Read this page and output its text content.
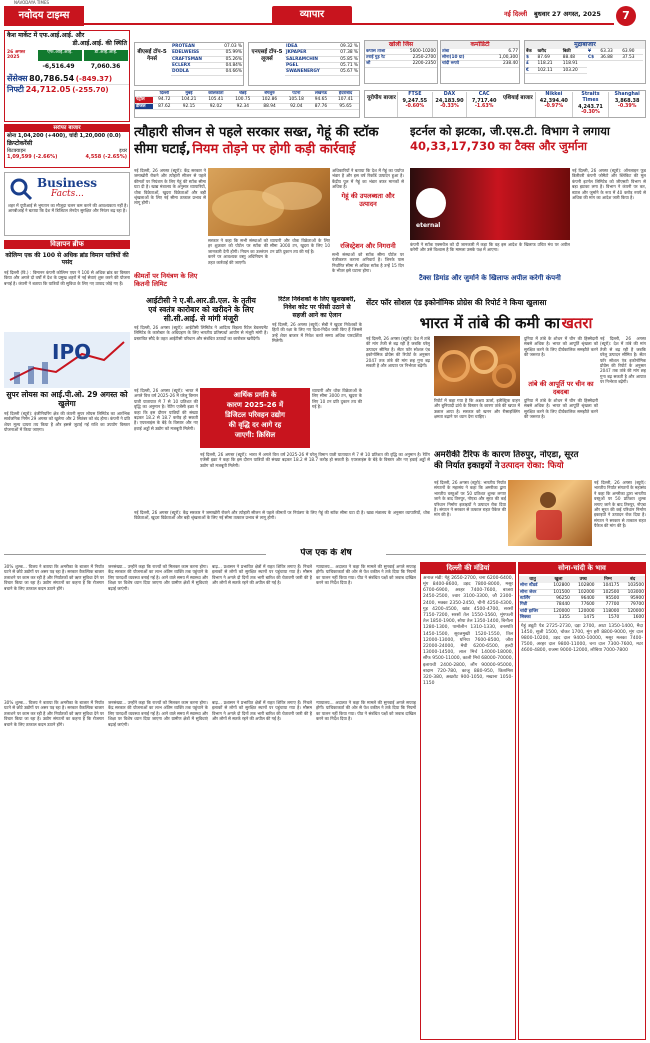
NAVODAYA TIMES
नवोदय टाइम्स	व्यापार	नई दिल्ली बुधवार 27 अगस्त, 2025	7
कैश मार्केट में एफ.आई.आई. और
डी.आई.आई. की स्थिति
26 अगस्त 2025
एफ.आई.आई.	डी.आई.आई.
-6,516.49	7,060.36
सेंसेक्स 80,786.54 (-849.37)
निफ्टी 24,712.05 (-255.70)
बीएसई टॉप-5 गेनर्स
PROTEAN	07.03 %
EDELWEISS	05.99%
CRAFTSMAN	05.26%
ECLERX	04.84%
DODLA	04.66%
एनएसई टॉप-5 लूजर्स
IDEA	09.32 %
JKPAPER	07.38 %
SALRAMCHIN	05.85 %
PGEL	05.71 %
SWANENERGY	05.67 %
खोली जिंस
कपास ताजा	5600-10200
तराई गुड़ रेट	2350-2700
जौ	2200-2350
कमोडिटी
तांबा	6.77
सोना(10 ग्रा)	1,00,300
चांदी रूपये	238.40
मुद्राबाजार
बैंक	खरीद	बिक्री
$	87.69	88.48
£	118.21	118.91
€	102.11	103.20
¥	63.33	63.90
C$	36.88	37.53
	दिल्ली	मुंबई	कोलकाता	चेन्नई	बेंगलुरु	पटना	लखनऊ	हैदराबाद
पेट्रोल	94.72	104.21	105.41	100.75	102.86	105.18	94.65	107.41
डीजल	87.62	92.15	92.02	92.34	88.94	92.04	87.76	95.65
यूरोपीय बाजार
FTSE
9,247.55
-0.60%
DAX
24,183.90
-0.33%
CAC
7,717.40
-1.63%
एशियाई बाजार
Nikkei
42,394.40
-0.97%
Straits Times
4,243.71
-0.30%
Shanghai
3,868.38
-0.39%
सर्राफा बाजार
सोना 1,04,200 (+400), चांदी 1,20,000 (0.0)
क्रिप्टोकरेंसी
बिटक्वाइन	इथर
1,09,599 (-2.66%)	4,558 (-2.65%)
Business
Facts...
शहर में यूपीआई से भुगतान का मौजूदा चलन कम करने की आवश्यकता नहीं है। आरबीआई ने बताया कि देश में डिजिटल लेनदेन सुरक्षित और निरंतर बढ़ रहा है।
विज्ञापन ब्रीफ
कोलिग्न एक की 100 से अधिक ब्रांड विमान यात्रियों की पसंद
नई दिल्ली (वि.) : विमानन कंपनी कोलिग्न एयर ने 100 से अधिक ब्रांड का विस्तार किया और अगले दो वर्षों में देश के प्रमुख शहरों में नई सेवाएं शुरू करने की योजना बनाई है। कंपनी ने बताया कि यात्रियों की सुविधा के लिए नए उत्पाद जोड़े गए हैं।
IPO
सुपर लोयस का आई.पी.ओ. 29 अगस्त को खुलेगा
नई दिल्ली (ब्यूरो): इंजीनियरिंग क्षेत्र की कंपनी सुपर लोयस लिमिटेड का आरंभिक सार्वजनिक निर्गम 29 अगस्त को खुलेगा और 2 सितंबर को बंद होगा। कंपनी ने प्रति शेयर मूल्य दायरा तय किया है और इससे जुटाई गई राशि का उपयोग विस्तार योजनाओं में किया जाएगा।
त्यौहारी सीजन से पहले सरकार सख्त, गेहूं की स्टॉक सीमा घटाई, नियम तोड़ने पर होगी कड़ी कार्रवाई
नई दिल्ली, 26 अगस्त (ब्यूरो): केंद्र सरकार ने जमाखोरी रोकने और त्योहारी सीजन से पहले कीमतों पर नियंत्रण के लिए गेहूं की स्टॉक सीमा घटा दी है। खाद्य मंत्रालय के अनुसार व्यापारियों, थोक विक्रेताओं, खुदरा विक्रेताओं और बड़ी श्रृंखलाओं के लिए नई सीमा तत्काल प्रभाव से लागू होगी।
सरकार ने कहा कि सभी संस्थाओं को हर शुक्रवार को पोर्टल पर स्टॉक की जानकारी देनी होगी। नियम का उल्लंघन करने पर आवश्यक वस्तु अधिनियम के तहत कार्रवाई की जाएगी।
व्यापारी और थोक विक्रेताओं के लिए सीमा 3000 टन, खुदरा के लिए 10 टन प्रति दुकान तय की गई है।
कीमतों पर नियंत्रण के लिए कितनी लिमिट
अधिकारियों ने बताया कि देश में गेहूं का पर्याप्त भंडार है और इस वर्ष रिकॉर्ड उत्पादन हुआ है। केंद्रीय पूल में गेहूं का भंडार बफर मानकों से अधिक है।
गेहूं की उपलब्धता और उत्पादन
रजिस्ट्रेशन और निगरानी
सभी संस्थाओं को स्टॉक सीमा पोर्टल पर पंजीकरण कराना अनिवार्य है। जिनके पास निर्धारित सीमा से अधिक स्टॉक है उन्हें 15 दिन के भीतर इसे घटाना होगा।
इटर्नल को झटका, जी.एस.टी. विभाग ने लगाया 40,33,17,730 का टैक्स और जुर्माना
eternal
नई दिल्ली, 26 अगस्त (ब्यूरो): ऑनलाइन फूड डिलीवरी कंपनी जोमैटो और ब्लिंकिट की मूल कंपनी इटर्नल लिमिटेड को जीएसटी विभाग से बड़ा झटका लगा है। विभाग ने कंपनी पर कर, ब्याज और जुर्माने के रूप में 40 करोड़ रुपये से अधिक की मांग का आदेश जारी किया है।
कंपनी ने स्टॉक एक्सचेंज को दी जानकारी में कहा कि वह इस आदेश के खिलाफ उचित मंच पर अपील करेगी और उसे विश्वास है कि मामला उसके पक्ष में आएगा।
टैक्स डिमांड और जुर्माने के खिलाफ अपील करेगी कंपनी
आईटीसी ने ए.बी.आर.डी.एल. के तृतीय
एवं स्वतंत्र कारोबार को खरीदने के लिए
सी.सी.आई. से मांगी मंजूरी
नई दिल्ली, 26 अगस्त (ब्यूरो): आईटीसी लिमिटेड ने आदित्य बिड़ला रिटेल डेवलपमेंट लिमिटेड के कारोबार के अधिग्रहण के लिए भारतीय प्रतिस्पर्धा आयोग से मंजूरी मांगी है। प्रस्तावित सौदे के तहत आईटीसी परिधान और संबंधित उत्पादों का कारोबार खरीदेगी।
रिटेल निवेशकों के लिए खुशखबरी,
निवेश कोट पर फीसी उठाने से
सहजी आने का ऐलान
नई दिल्ली, 26 अगस्त (ब्यूरो): सेबी ने खुदरा निवेशकों के हितों की रक्षा के लिए नए दिशा-निर्देश जारी किए हैं जिससे उन्हें शेयर बाजार में निवेश करते समय अधिक पारदर्शिता मिलेगी।
आर्थिक प्रगति के
कारण 2025-26 में
डिजिटल परिवहन उद्योग
की वृद्धि दर आगे रह
जाएगी: क्रिसिल
नई दिल्ली, 26 अगस्त (ब्यूरो): भारत में अगले वित्त वर्ष 2025-26 में घरेलू विमान यात्री यातायात में 7 से 10 प्रतिशत की वृद्धि का अनुमान है। रेटिंग एजेंसी इक्रा ने कहा कि इस दौरान यात्रियों की संख्या बढ़कर 18.2 से 18.7 करोड़ हो सकती है। एयरलाइंस के बेड़े के विस्तार और नए हवाई अड्डों से उद्योग को मजबूती मिलेगी।
व्यापारी और थोक विक्रेताओं के लिए सीमा 3000 टन, खुदरा के लिए 10 टन प्रति दुकान तय की गई है।
सेंटर फॉर सोशल एंड इकोनॉमिक प्रोग्रेस की रिपोर्ट ने किया खुलासा
भारत में तांबे की कमी का खतरा
नई दिल्ली, 26 अगस्त (ब्यूरो): देश में तांबे की मांग तेजी से बढ़ रही है जबकि घरेलू उत्पादन सीमित है। सेंटर फॉर सोशल एंड इकोनॉमिक प्रोग्रेस की रिपोर्ट के अनुसार 2047 तक तांबे की मांग छह गुना बढ़ सकती है और आयात पर निर्भरता बढ़ेगी।
रिपोर्ट में कहा गया है कि अक्षय ऊर्जा, इलेक्ट्रिक वाहन और बुनियादी ढांचे के विस्तार के कारण तांबे की खपत में उछाल आया है। सरकार को खनन और रीसाइक्लिंग क्षमता बढ़ाने पर ध्यान देना चाहिए।
तांबे की आपूर्ति पर चीन का दबदबा
दुनिया में तांबे के शोधन में चीन की हिस्सेदारी सबसे अधिक है। भारत को आपूर्ति श्रृंखला को सुरक्षित करने के लिए दीर्घकालिक समझौते करने की जरूरत है।
नई दिल्ली, 26 अगस्त (ब्यूरो): देश में तांबे की मांग तेजी से बढ़ रही है जबकि घरेलू उत्पादन सीमित है। सेंटर फॉर सोशल एंड इकोनॉमिक प्रोग्रेस की रिपोर्ट के अनुसार 2047 तक तांबे की मांग छह गुना बढ़ सकती है और आयात पर निर्भरता बढ़ेगी।
दुनिया में तांबे के शोधन में चीन की हिस्सेदारी सबसे अधिक है। भारत को आपूर्ति श्रृंखला को सुरक्षित करने के लिए दीर्घकालिक समझौते करने की जरूरत है।
अमरीकी टैरिफ के कारण तिरुपुर, नोएडा, सूरत
की निर्यात इकाइयों ने उत्पादन रोका: फियो
नई दिल्ली, 26 अगस्त (ब्यूरो): भारतीय निर्यात संगठनों के महासंघ ने कहा कि अमरीका द्वारा भारतीय वस्तुओं पर 50 प्रतिशत शुल्क लगाए जाने के बाद तिरुपुर, नोएडा और सूरत की कई परिधान निर्माण इकाइयों ने उत्पादन रोक दिया है। संगठन ने सरकार से तत्काल राहत पैकेज की मांग की है।
नई दिल्ली, 26 अगस्त (ब्यूरो): भारतीय निर्यात संगठनों के महासंघ ने कहा कि अमरीका द्वारा भारतीय वस्तुओं पर 50 प्रतिशत शुल्क लगाए जाने के बाद तिरुपुर, नोएडा और सूरत की कई परिधान निर्माण इकाइयों ने उत्पादन रोक दिया है। संगठन ने सरकार से तत्काल राहत पैकेज की मांग की है।
नई दिल्ली, 26 अगस्त (ब्यूरो): भारत में अगले वित्त वर्ष 2025-26 में घरेलू विमान यात्री यातायात में 7 से 10 प्रतिशत की वृद्धि का अनुमान है। रेटिंग एजेंसी इक्रा ने कहा कि इस दौरान यात्रियों की संख्या बढ़कर 18.2 से 18.7 करोड़ हो सकती है। एयरलाइंस के बेड़े के विस्तार और नए हवाई अड्डों से उद्योग को मजबूती मिलेगी।
नई दिल्ली, 26 अगस्त (ब्यूरो): केंद्र सरकार ने जमाखोरी रोकने और त्योहारी सीजन से पहले कीमतों पर नियंत्रण के लिए गेहूं की स्टॉक सीमा घटा दी है। खाद्य मंत्रालय के अनुसार व्यापारियों, थोक विक्रेताओं, खुदरा विक्रेताओं और बड़ी श्रृंखलाओं के लिए नई सीमा तत्काल प्रभाव से लागू होगी।
पेज एक के शेष
30% शुल्क... विजय ने बताया कि अमरीका के बाजार में निर्यात घटने से छोटे उद्योगों पर असर पड़ रहा है। सरकार वैकल्पिक बाजार तलाशने पर काम कर रही है और निर्यातकों को ऋण सुविधा देने पर विचार किया जा रहा है। उद्योग संगठनों का कहना है कि रोजगार बचाने के लिए तत्काल कदम उठाने होंगे।
30% शुल्क... विजय ने बताया कि अमरीका के बाजार में निर्यात घटने से छोटे उद्योगों पर असर पड़ रहा है। सरकार वैकल्पिक बाजार तलाशने पर काम कर रही है और निर्यातकों को ऋण सुविधा देने पर विचार किया जा रहा है। उद्योग संगठनों का कहना है कि रोजगार बचाने के लिए तत्काल कदम उठाने होंगे।
जनसंख्या... उन्होंने कहा कि राज्यों को मिलकर काम करना होगा। केंद्र सरकार की योजनाओं का लाभ अंतिम व्यक्ति तक पहुंचाने के लिए पारदर्शी व्यवस्था बनाई गई है। आने वाले समय में स्वास्थ्य और शिक्षा पर विशेष ध्यान दिया जाएगा और ग्रामीण क्षेत्रों में सुविधाएं बढ़ाई जाएंगी।
जनसंख्या... उन्होंने कहा कि राज्यों को मिलकर काम करना होगा। केंद्र सरकार की योजनाओं का लाभ अंतिम व्यक्ति तक पहुंचाने के लिए पारदर्शी व्यवस्था बनाई गई है। आने वाले समय में स्वास्थ्य और शिक्षा पर विशेष ध्यान दिया जाएगा और ग्रामीण क्षेत्रों में सुविधाएं बढ़ाई जाएंगी।
बाढ़... प्रशासन ने प्रभावित क्षेत्रों में राहत शिविर लगाए हैं। निचले इलाकों से लोगों को सुरक्षित स्थानों पर पहुंचाया गया है। मौसम विभाग ने अगले दो दिनों तक भारी बारिश की चेतावनी जारी की है और लोगों से सतर्क रहने की अपील की गई है।
बाढ़... प्रशासन ने प्रभावित क्षेत्रों में राहत शिविर लगाए हैं। निचले इलाकों से लोगों को सुरक्षित स्थानों पर पहुंचाया गया है। मौसम विभाग ने अगले दो दिनों तक भारी बारिश की चेतावनी जारी की है और लोगों से सतर्क रहने की अपील की गई है।
न्यायालय... अदालत ने कहा कि मामले की सुनवाई अगले सप्ताह होगी। याचिकाकर्ता की ओर से पेश वकील ने तर्क दिया कि नियमों का पालन नहीं किया गया। पीठ ने संबंधित पक्षों को जवाब दाखिल करने का निर्देश दिया है।
न्यायालय... अदालत ने कहा कि मामले की सुनवाई अगले सप्ताह होगी। याचिकाकर्ता की ओर से पेश वकील ने तर्क दिया कि नियमों का पालन नहीं किया गया। पीठ ने संबंधित पक्षों को जवाब दाखिल करने का निर्देश दिया है।
दिल्ली की मंडियां
अनाज मंडी: गेहूं 2650-2700, चना 6200-6400, मूंग 8400-8600, उड़द 7800-8000, मसूर 6700-6900, अरहर 7400-7600, बाजरा 2450-2500, ज्वार 3100-3300, जौ 2300-2400, मक्का 2350-2450, चीनी 4250-4300, गुड़ 4200-4500, खांड 4500-4700, सरसों 7150-7200, सरसों तेल 1550-1560, मूंगफली तेल 1850-1900, सोया तेल 1350-1400, बिनौला 1280-1300, पामोलीन 1310-1330, वनस्पति 1450-1500, सूरजमुखी 1520-1550, तिल 12000-13000, धनिया 7600-8500, जीरा 22000-24000, मेथी 6200-6500, हल्दी 13000-14500, लाल मिर्च 14000-18000, सौंफ 9500-11000, काली मिर्च 68000-70000, इलायची 2400-2800, लौंग 90000-95000, बादाम 720-780, काजू 880-950, किशमिश 320-380, अखरोट 900-1050, मखाना 1050-1150
सोना-चांदी के भाव
धातु	खुला	उच्च	निम्न	बंद
सोना स्टैंडर्ड	102800	102800	104175	103500
सोना जेवर	101500	102000	102500	103000
स्टर्लिंग	96250	96400	95500	95900
गिन्नी	78440	77600	77700	79700
चांदी हाजिर	120000	120000	118000	120000
सिक्का	1355	1475	1570	1600
गेहूं ड्यूटी पेड 2725-2730, दड़ा 2700, आटा 1350-1400, मैदा 1450, सूजी 1500, चोकर 1700, मूंग हरी 8800-9000, मूंग दाल 9800-10200, उड़द दाल 9400-10000, मसूर मलका 7400-7500, अरहर दाल 9800-11000, चना दाल 7300-7600, मटर 4600-4800, राजमा 9000-12000, लोबिया 7000-7800
